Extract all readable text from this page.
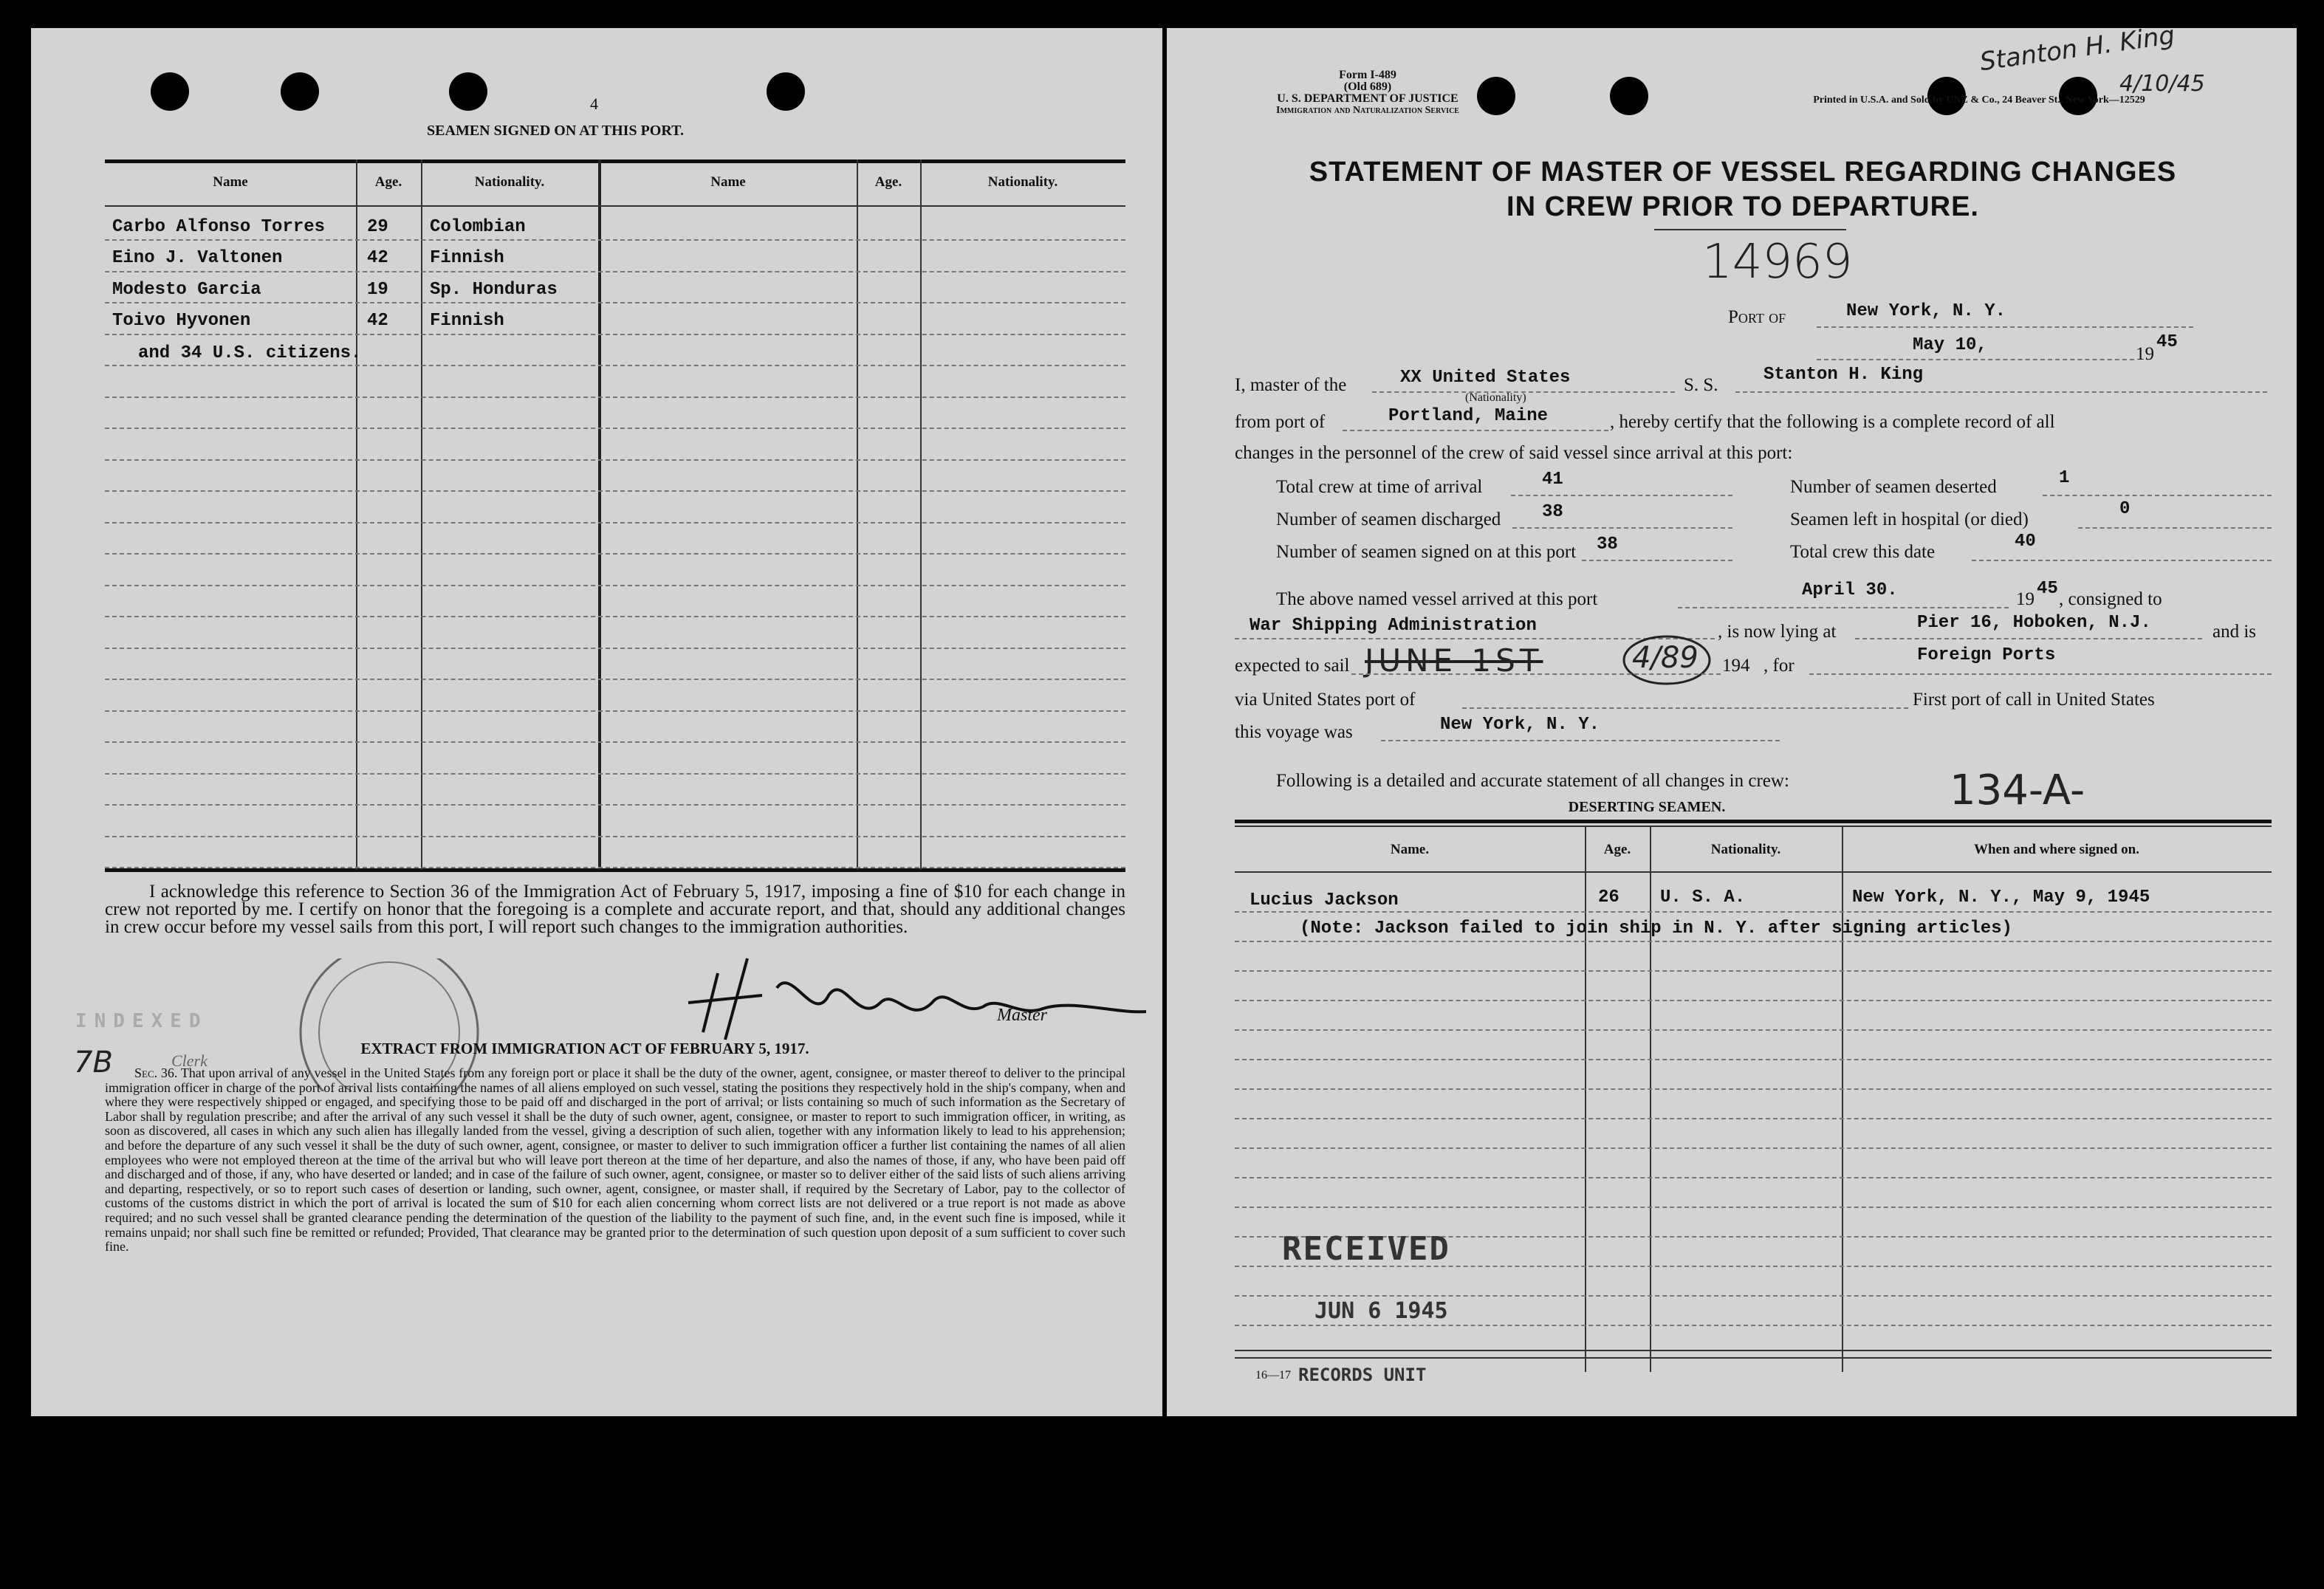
4
SEAMEN SIGNED ON AT THIS PORT.
Name	Age.	Nationality.	Name	Age.	Nationality.
Carbo Alfonso Torres 29 Colombian
Eino J. Valtonen	42 Finnish
Modesto Garcia	19 Sp. Honduras
Toivo Hyvonen	42 Finnish
and 34 U.S. citizens.
I acknowledge this reference to Section 36 of the Immigration Act of February 5, 1917, imposing a fine of $10 for each change in crew not reported by me. I certify on honor that the foregoing is a complete and accurate report, and that, should any additional changes in crew occur before my vessel sails from this port, I will report such changes to the immigration authorities.
Master
INDEXED
7B	Clerk
EXTRACT FROM IMMIGRATION ACT OF FEBRUARY 5, 1917.
Sec. 36. That upon arrival of any vessel in the United States from any foreign port or place it shall be the duty of the owner, agent, consignee, or master thereof to deliver to the principal immigration officer in charge of the port of arrival lists containing the names of all aliens employed on such vessel, stating the positions they respectively hold in the ship's company, when and where they were respectively shipped or engaged, and specifying those to be paid off and discharged in the port of arrival; or lists containing so much of such information as the Secretary of Labor shall by regulation prescribe; and after the arrival of any such vessel it shall be the duty of such owner, agent, consignee, or master to report to such immigration officer, in writing, as soon as discovered, all cases in which any such alien has illegally landed from the vessel, giving a description of such alien, together with any information likely to lead to his apprehension; and before the departure of any such vessel it shall be the duty of such owner, agent, consignee, or master to deliver to such immigration officer a further list containing the names of all alien employees who were not employed thereon at the time of the arrival but who will leave port thereon at the time of her departure, and also the names of those, if any, who have been paid off and discharged and of those, if any, who have deserted or landed; and in case of the failure of such owner, agent, consignee, or master so to deliver either of the said lists of such aliens arriving and departing, respectively, or so to report such cases of desertion or landing, such owner, agent, consignee, or master shall, if required by the Secretary of Labor, pay to the collector of customs of the customs district in which the port of arrival is located the sum of $10 for each alien concerning whom correct lists are not delivered or a true report is not made as above required; and no such vessel shall be granted clearance pending the determination of the question of the liability to the payment of such fine, and, in the event such fine is imposed, while it remains unpaid; nor shall such fine be remitted or refunded; Provided, That clearance may be granted prior to the determination of such question upon deposit of a sum sufficient to cover such fine.
Form I-489
(Old 689)
U. S. DEPARTMENT OF JUSTICE
Immigration and Naturalization Service
Printed in U.S.A. and Sold by UNZ & Co., 24 Beaver St., New York—12529
Stanton H. King
4/10/45
STATEMENT OF MASTER OF VESSEL REGARDING CHANGES
IN CREW PRIOR TO DEPARTURE.
14969
Port of	New York, N. Y.
May 10,	19
45
I, master of the	XX United States
(Nationality)
S. S.
Stanton H. King
from port of	Portland, Maine	, hereby certify that the following is a complete record of all
changes in the personnel of the crew of said vessel since arrival at this port:
Total crew at time of arrival	41	Number of seamen deserted	1
Number of seamen discharged 38	Seamen left in hospital (or died)
0
Number of seamen signed on at this port 38	Total crew this date
40
The above named vessel arrived at this port	April 30.	19
45
, consigned to
War Shipping Administration	, is now lying at	Pier 16, Hoboken, N.J.	and is
expected to sail JUNE 1ST	4/89 194 , for
Foreign Ports
via United States port of	First port of call in United States
this voyage was	New York, N. Y.
Following is a detailed and accurate statement of all changes in crew:	134-A-
DESERTING SEAMEN.
Name.	Age.	Nationality.	When and where signed on.
Lucius Jackson	26 U. S. A.	New York, N. Y., May 9, 1945
(Note: Jackson failed to join ship in N. Y. after signing articles)
RECEIVED
JUN 6 1945
16—17 RECORDS UNIT
